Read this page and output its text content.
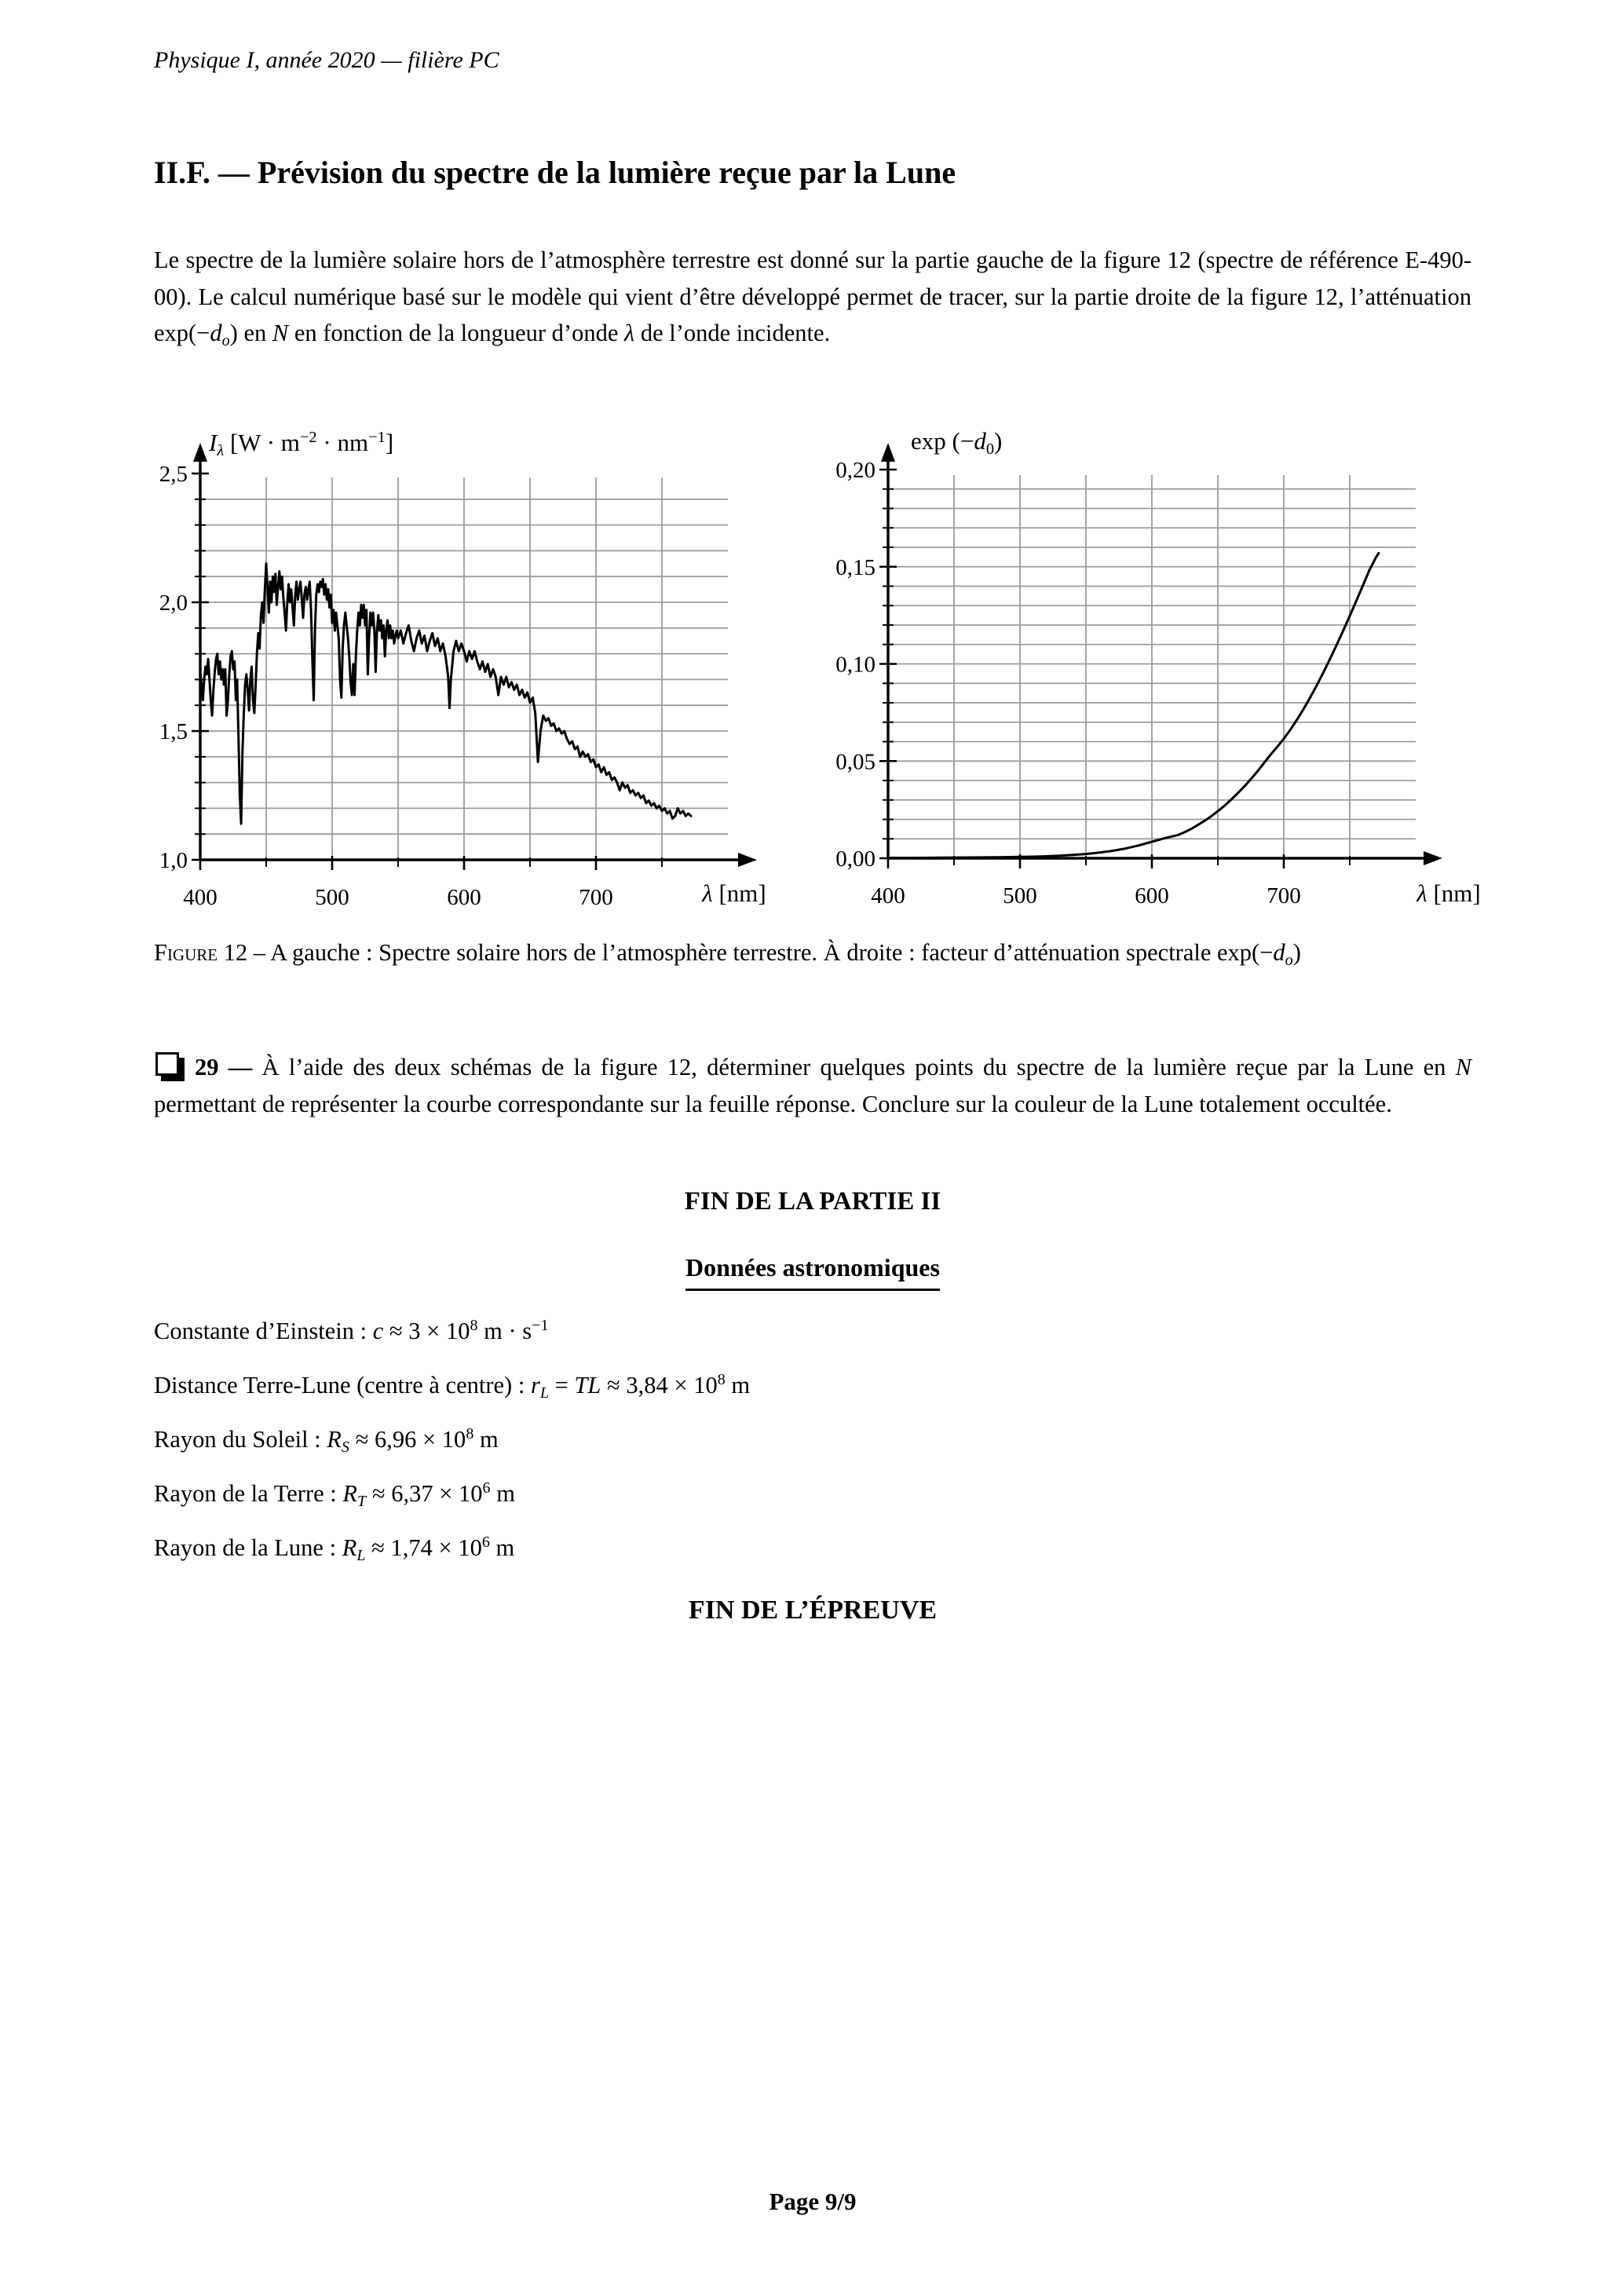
Physique I, année 2020 — filière PC
II.F. — Prévision du spectre de la lumière reçue par la Lune
Le spectre de la lumière solaire hors de l’atmosphère terrestre est donné sur la partie gauche de la figure 12 (spectre de référence E-490-00). Le calcul numérique basé sur le modèle qui vient d’être développé permet de tracer, sur la partie droite de la figure 12, l’atténuation exp(−do) en N en fonction de la longueur d’onde λ de l’onde incidente.
400	500	600	700
1,0
1,5
2,0
2,5
Iλ $[W \cdot m^{-2} \cdot nm^{-1}]$
λ [nm]	400	500	600	700
0,00
0,05
0,10
0,15
0,20
exp (−d0)
λ [nm]
Figure 12 – A gauche : Spectre solaire hors de l’atmosphère terrestre. À droite : facteur d’atténuation spectrale exp(−do)
29 — À l’aide des deux schémas de la figure 12, déterminer quelques points du spectre de la lumière reçue par la Lune en N permettant de représenter la courbe correspondante sur la feuille réponse. Conclure sur la couleur de la Lune totalement occultée.
FIN DE LA PARTIE II
Données astronomiques
Constante d’Einstein : $c \approx 3 \times 10^8$ $m \cdot s^{-1}$
Distance Terre-Lune (centre à centre) : rL = TL ≈ $3,84 \times 10^8$ m
Rayon du Soleil : RS ≈ $6,96 \times 10^8$ m
Rayon de la Terre : RT ≈ $6,37 \times 10^6$ m
Rayon de la Lune : RL ≈ $1,74 \times 10^6$ m
FIN DE L’ÉPREUVE
Page 9/9
